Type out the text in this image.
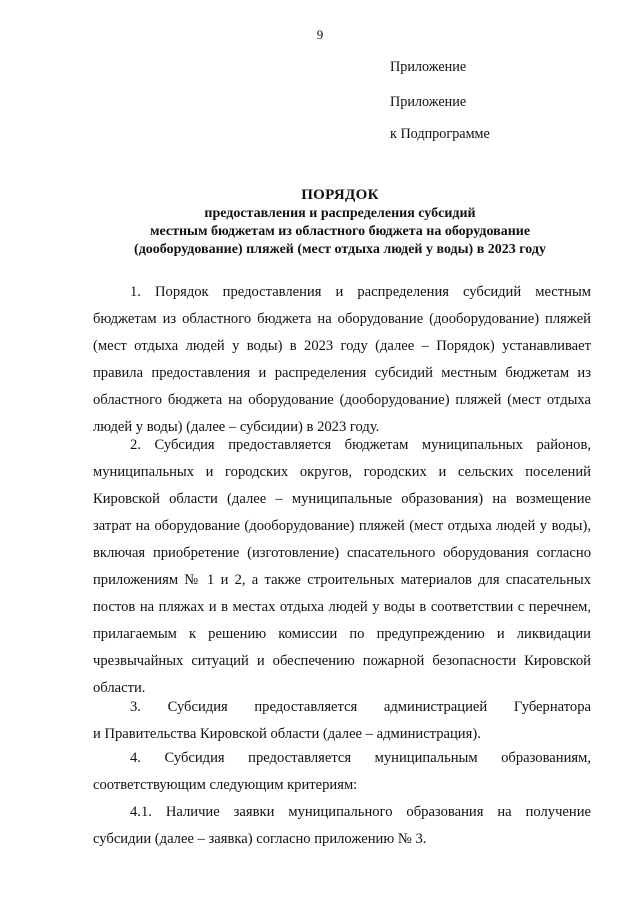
9
Приложение
Приложение
к Подпрограмме
ПОРЯДОК
предоставления и распределения субсидий
местным бюджетам из областного бюджета на оборудование
(дооборудование) пляжей (мест отдыха людей у воды) в 2023 году
1. Порядок предоставления и распределения субсидий местным
бюджетам из областного бюджета на оборудование (дооборудование) пляжей
(мест отдыха людей у воды) в 2023 году (далее – Порядок) устанавливает
правила предоставления и распределения субсидий местным бюджетам из
областного бюджета на оборудование (дооборудование) пляжей (мест отдыха
людей у воды) (далее – субсидии) в 2023 году.
2. Субсидия предоставляется бюджетам муниципальных районов,
муниципальных и городских округов, городских и сельских поселений
Кировской области (далее – муниципальные образования) на возмещение
затрат на оборудование (дооборудование) пляжей (мест отдыха людей у воды),
включая приобретение (изготовление) спасательного оборудования согласно
приложениям № 1 и 2, а также строительных материалов для спасательных
постов на пляжах и в местах отдыха людей у воды в соответствии с перечнем,
прилагаемым к решению комиссии по предупреждению и ликвидации
чрезвычайных ситуаций и обеспечению пожарной безопасности Кировской
области.
3. Субсидия предоставляется администрацией Губернатора
и Правительства Кировской области (далее – администрация).
4. Субсидия предоставляется муниципальным образованиям,
соответствующим следующим критериям:
4.1. Наличие заявки муниципального образования на получение
субсидии (далее – заявка) согласно приложению № 3.
